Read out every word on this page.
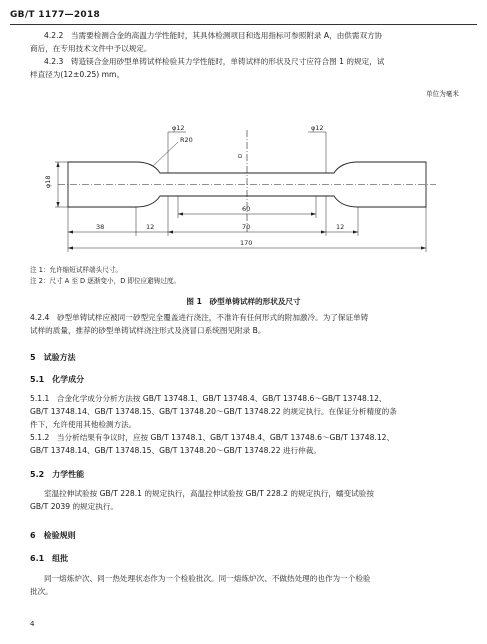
GB/T 1177—2018
4.2.2　当需要检测合金的高温力学性能时，其具体检测项目和选用指标可参照附录 A，由供需双方协
商后，在专用技术文件中予以规定。
4.2.3　铸造镁合金用砂型单铸试样检验其力学性能时，单铸试样的形状及尺寸应符合图 1 的规定，试
样直径为(12±0.25) mm。
单位为毫米
φ12	φ12
R20
φ18
60
70
38	12	12
170
D
注 1：允许缩短试样端头尺寸。
注 2：尺寸 A 至 D 逐渐变小，D 即位应避铸过度。
图 1　砂型单铸试样的形状及尺寸
4.2.4　砂型单铸试样应被同一砂型完全覆盖进行浇注，不准许有任何形式的附加激冷。为了保证单铸
试样的质量，推荐的砂型单铸试样浇注形式及浇冒口系统图见附录 B。
5　试验方法
5.1　化学成分
5.1.1　合金化学成分分析方法按 GB/T 13748.1、GB/T 13748.4、GB/T 13748.6～GB/T 13748.12、
GB/T 13748.14、GB/T 13748.15、GB/T 13748.20～GB/T 13748.22 的规定执行。在保证分析精度的条
件下，允许使用其他检测方法。
5.1.2　当分析结果有争议时，应按 GB/T 13748.1、GB/T 13748.4、GB/T 13748.6～GB/T 13748.12、
GB/T 13748.14、GB/T 13748.15、GB/T 13748.20～GB/T 13748.22 进行仲裁。
5.2　力学性能
室温拉伸试验按 GB/T 228.1 的规定执行，高温拉伸试验按 GB/T 228.2 的规定执行，蠕变试验按
GB/T 2039 的规定执行。
6　检验规则
6.1　组批
同一熔炼炉次、同一热处理状态作为一个检验批次。同一熔炼炉次、不做热处理的也作为一个检验
批次。
4
